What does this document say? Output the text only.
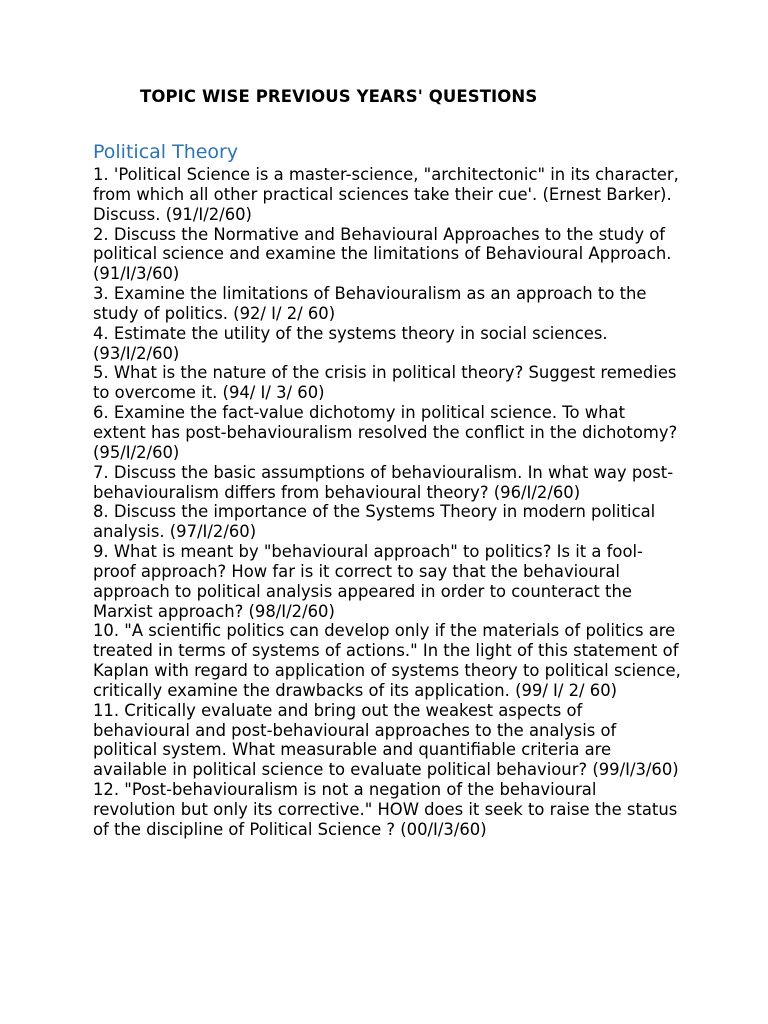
TOPIC WISE PREVIOUS YEARS' QUESTIONS
Political Theory
1. 'Political Science is a master-science, "architectonic" in its character, from which all other practical sciences take their cue'. (Ernest Barker). Discuss. (91/I/2/60)
2. Discuss the Normative and Behavioural Approaches to the study of political science and examine the limitations of Behavioural Approach. (91/I/3/60)
3. Examine the limitations of Behaviouralism as an approach to the study of politics. (92/ I/ 2/ 60)
4. Estimate the utility of the systems theory in social sciences. (93/I/2/60)
5. What is the nature of the crisis in political theory? Suggest remedies to overcome it. (94/ I/ 3/ 60)
6. Examine the fact-value dichotomy in political science. To what extent has post-behaviouralism resolved the conflict in the dichotomy? (95/I/2/60)
7. Discuss the basic assumptions of behaviouralism. In what way post-behaviouralism differs from behavioural theory? (96/I/2/60)
8. Discuss the importance of the Systems Theory in modern political analysis. (97/I/2/60)
9. What is meant by "behavioural approach" to politics? Is it a fool-proof approach? How far is it correct to say that the behavioural approach to political analysis appeared in order to counteract the Marxist approach? (98/I/2/60)
10. "A scientific politics can develop only if the materials of politics are treated in terms of systems of actions." In the light of this statement of Kaplan with regard to application of systems theory to political science, critically examine the drawbacks of its application. (99/ I/ 2/ 60)
11. Critically evaluate and bring out the weakest aspects of behavioural and post-behavioural approaches to the analysis of political system. What measurable and quantifiable criteria are available in political science to evaluate political behaviour? (99/I/3/60)
12. "Post-behaviouralism is not a negation of the behavioural revolution but only its corrective." HOW does it seek to raise the status of the discipline of Political Science ? (00/I/3/60)
